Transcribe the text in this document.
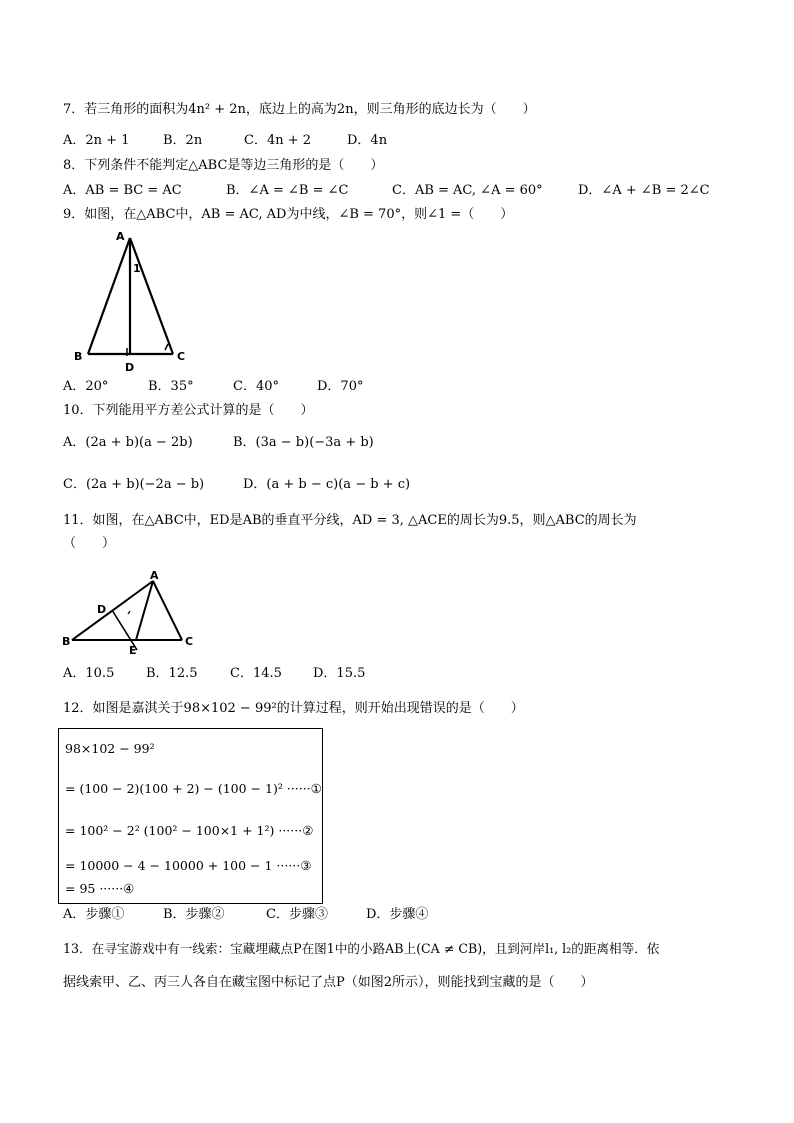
7．若三角形的面积为4n² + 2n，底边上的高为2n，则三角形的底边长为（　　）
A．2n + 1	B．2n	C．4n + 2	D．4n
8．下列条件不能判定△ABC是等边三角形的是（　　）
A．AB = BC = AC	B．∠A = ∠B = ∠C	C．AB = AC, ∠A = 60°	D．∠A + ∠B = 2∠C
9．如图，在△ABC中，AB = AC, AD为中线，∠B = 70°，则∠1 =（　　）
A
1
B
D
C
A．20°	B．35°	C．40°	D．70°
10．下列能用平方差公式计算的是（　　）
A．(2a + b)(a − 2b)	B．(3a − b)(−3a + b)
C．(2a + b)(−2a − b)	D．(a + b − c)(a − b + c)
11．如图，在△ABC中，ED是AB的垂直平分线，AD = 3, △ACE的周长为9.5，则△ABC的周长为
（　　）
A
D
B
E
C
A．10.5 B．12.5	C．14.5 D．15.5
12．如图是嘉淇关于98×102 − 99²的计算过程，则开始出现错误的是（　　）
98×102 − 99²
= (100 − 2)(100 + 2) − (100 − 1)² ······①
= 100² − 2² (100² − 100×1 + 1²) ······②
= 10000 − 4 − 10000 + 100 − 1 ······③
= 95 ······④
A．步骤①	B．步骤②	C．步骤③	D．步骤④
13．在寻宝游戏中有一线索：宝藏埋藏点P在图1中的小路AB上(CA ≠ CB)，且到河岸l₁, l₂的距离相等．依
据线索甲、乙、丙三人各自在藏宝图中标记了点P（如图2所示），则能找到宝藏的是（　　）
